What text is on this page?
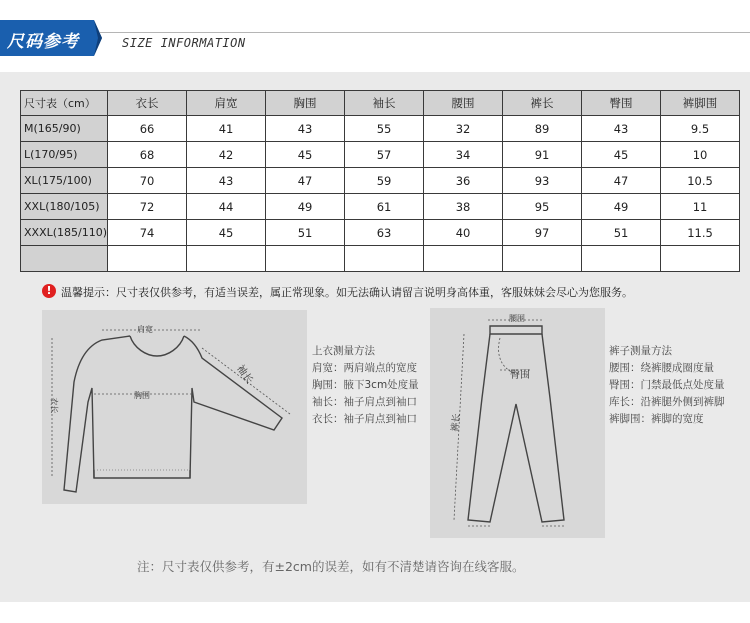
尺码参考	SIZE INFORMATION
尺寸表（cm）	衣长	肩宽	胸围	袖长	腰围	裤长	臀围	裤脚围
M(165/90)	66	41	43	55	32	89	43	9.5
L(170/95)	68	42	45	57	34	91	45	10
XL(175/100)	70	43	47	59	36	93	47	10.5
XXL(180/105)	72	44	49	61	38	95	49	11
XXXL(185/110)	74	45	51	63	40	97	51	11.5

! 温馨提示：尺寸表仅供参考，有适当误差，属正常现象。如无法确认请留言说明身高体重，客服妹妹会尽心为您服务。
肩宽
胸围
袖长
衣长
上衣测量方法
肩宽：两肩端点的宽度
胸围：腋下3cm处度量
袖长：袖子肩点到袖口
衣长：袖子肩点到袖口
腰围
臀围
裤长
裤子测量方法
腰围：绕裤腰成圈度量
臀围：门禁最低点处度量
库长：沿裤腿外侧到裤脚
裤脚围：裤脚的宽度
注：尺寸表仅供参考，有±2cm的误差，如有不清楚请咨询在线客服。
